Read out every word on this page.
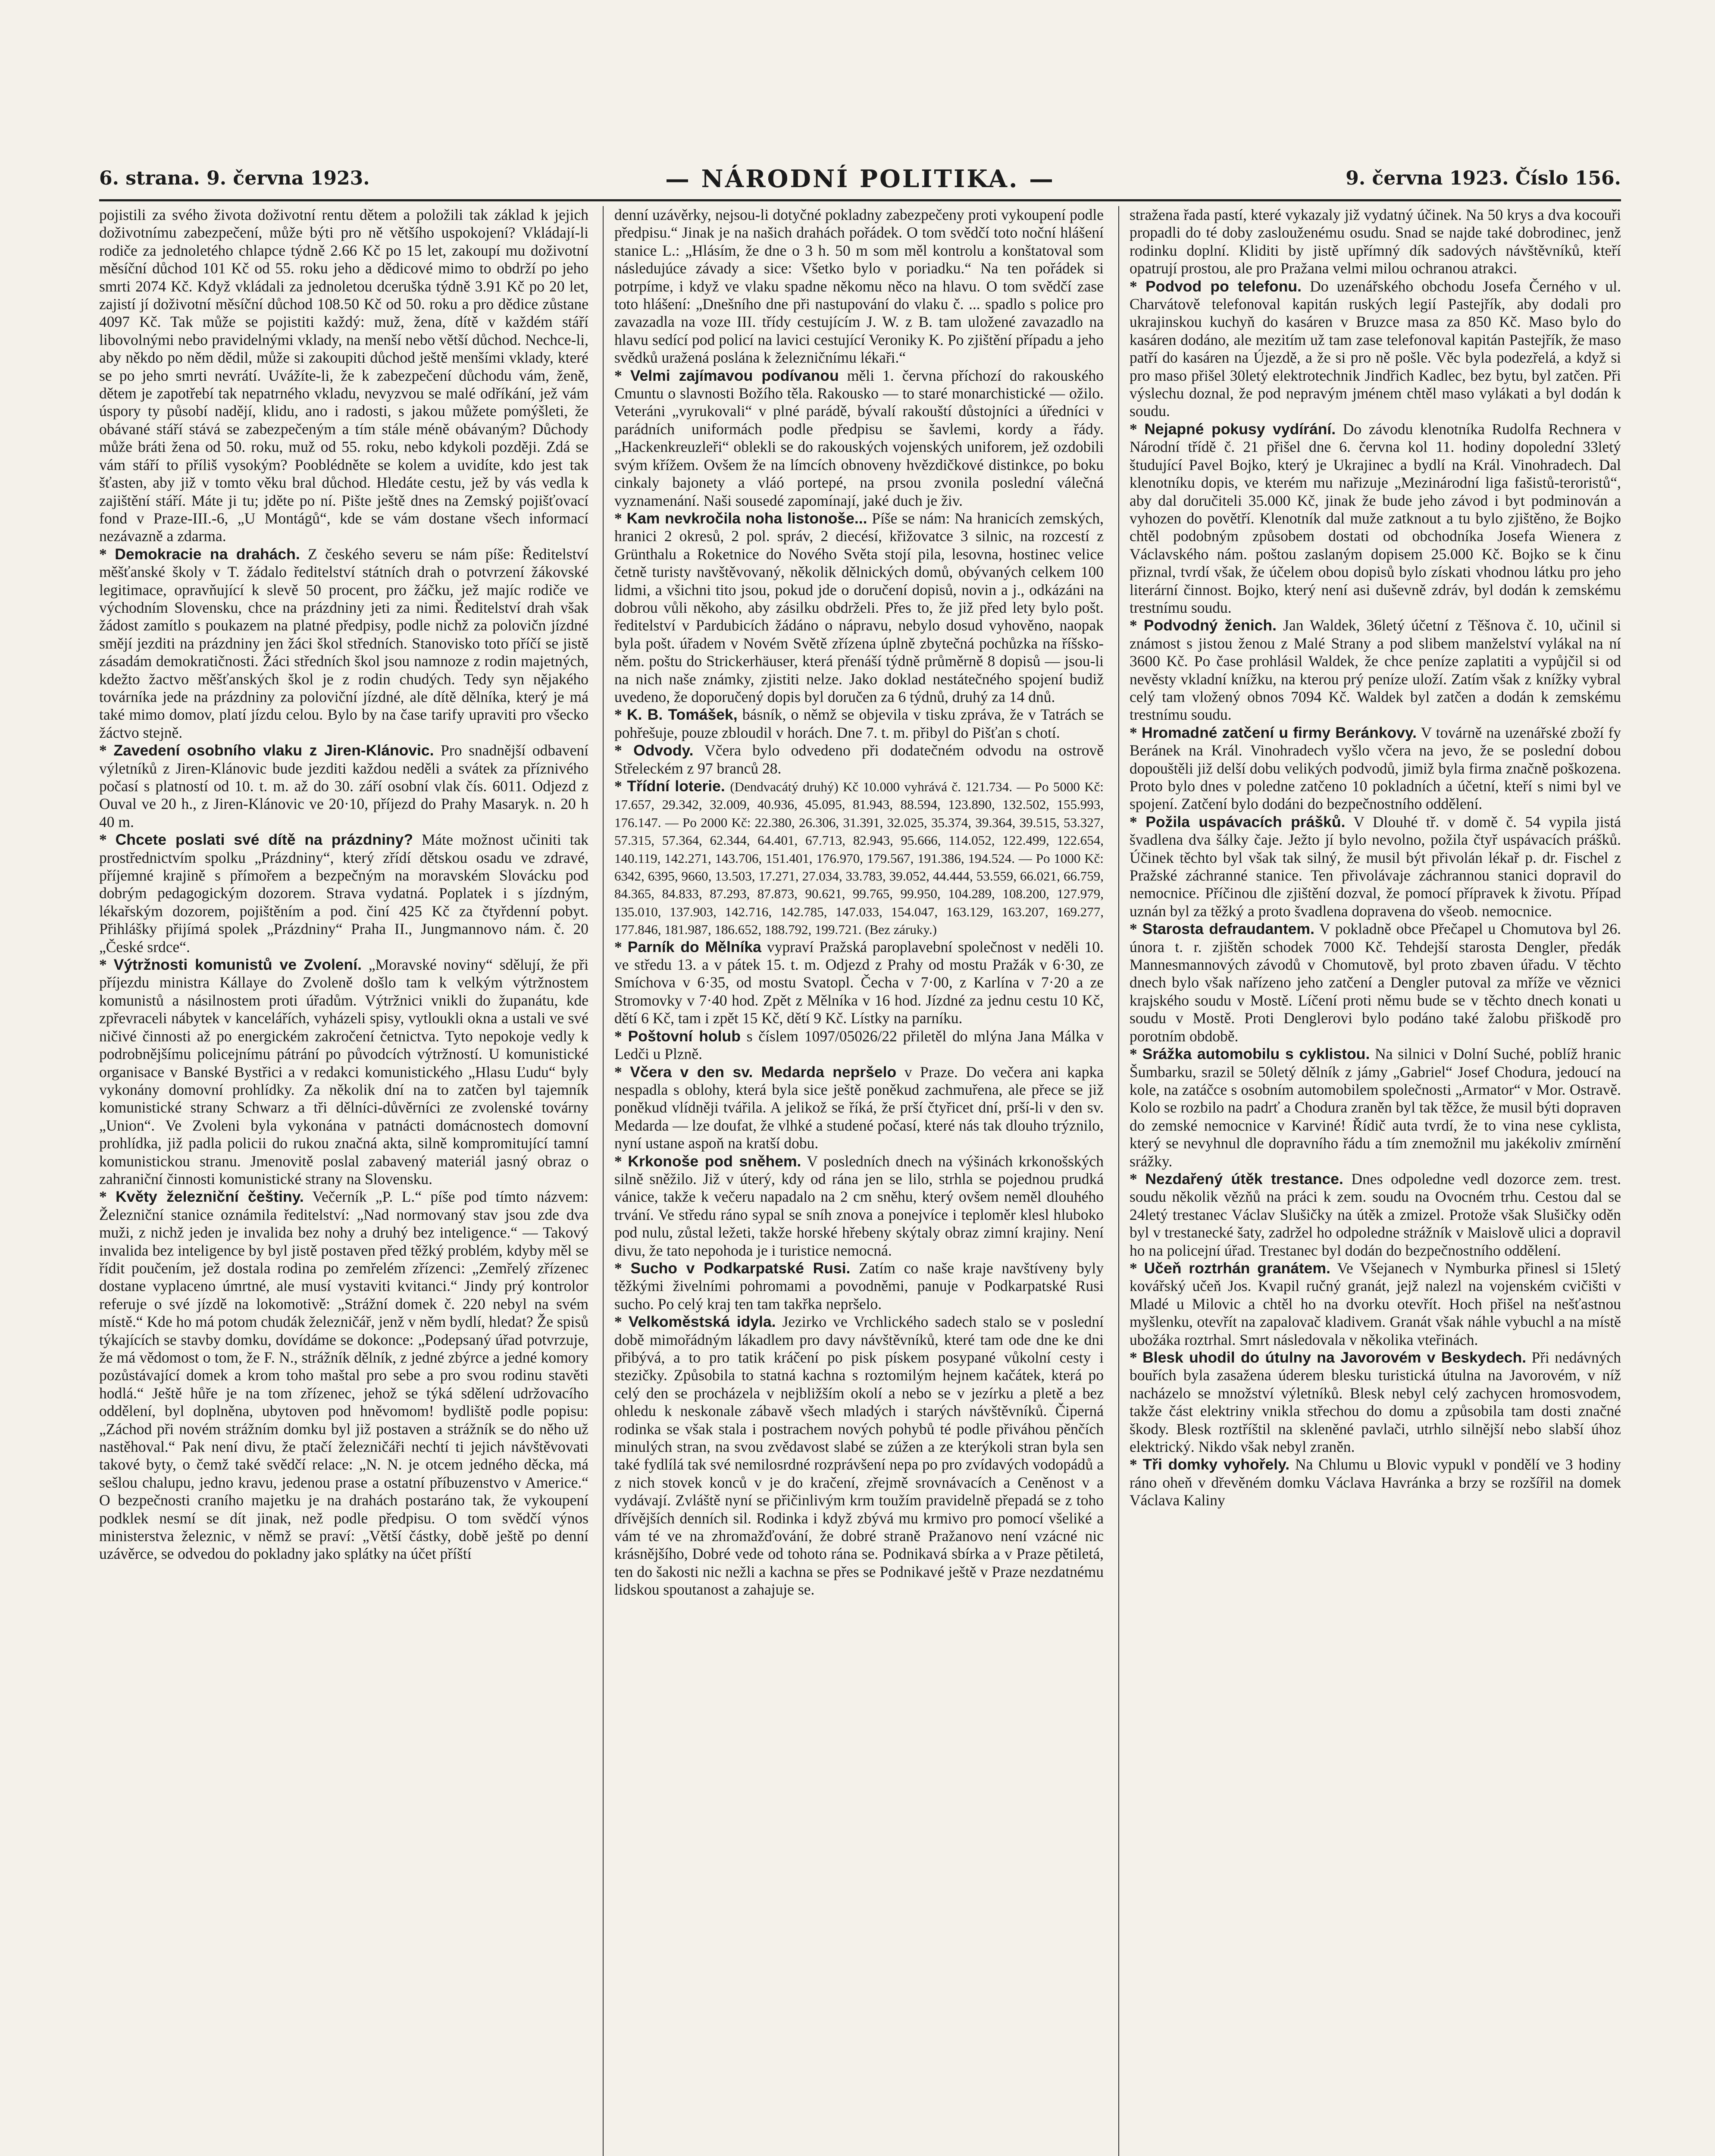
6. strana. 9. června 1923.	— NÁRODNÍ POLITIKA. —	9. června 1923. Číslo 156.

pojistili za svého života doživotní rentu dětem a položili tak základ k jejich doživotnímu zabezpečení, může býti pro ně většího uspokojení? Vkládají-li rodiče za jednoletého chlapce týdně 2.66 Kč po 15 let, zakoupí mu doživotní měsíční důchod 101 Kč od 55. roku jeho a dědicové mimo to obdrží po jeho smrti 2074 Kč. Když vkládali za jednoletou dceruška týdně 3.91 Kč po 20 let, zajistí jí doživotní měsíční důchod 108.50 Kč od 50. roku a pro dědice zůstane 4097 Kč. Tak může se pojistiti každý: muž, žena, dítě v každém stáří libovolnými nebo pravidelnými vklady, na menší nebo větší důchod. Nechce-li, aby někdo po něm dědil, může si zakoupiti důchod ještě menšími vklady, které se po jeho smrti nevrátí. Uvážíte-li, že k zabezpečení důchodu vám, ženě, dětem je zapotřebí tak nepatrného vkladu, nevyzvou se malé odříkání, jež vám úspory ty působí nadějí, klidu, ano i radosti, s jakou můžete pomýšleti, že obávané stáří stává se zabezpečeným a tím stále méně obávaným? Důchody může bráti žena od 50. roku, muž od 55. roku, nebo kdykoli později. Zdá se vám stáří to příliš vysokým? Pooblédněte se kolem a uvidíte, kdo jest tak šťasten, aby již v tomto věku bral důchod. Hledáte cestu, jež by vás vedla k zajištění stáří. Máte ji tu; jděte po ní. Pište ještě dnes na Zemský pojišťovací fond v Praze-III.-6, „U Montágů“, kde se vám dostane všech informací nezávazně a zdarma.

* Demokracie na drahách. Z českého severu se nám píše: Ředitelství měšťanské školy v T. žádalo ředitelství státních drah o potvrzení žákovské legitimace, opravňující k slevě 50 procent, pro žáčku, jež majíc rodiče ve východním Slovensku, chce na prázdniny jeti za nimi. Ředitelství drah však žádost zamítlo s poukazem na platné předpisy, podle nichž za polovičn jízdné smějí jezditi na prázdniny jen žáci škol středních. Stanovisko toto příčí se jistě zásadám demokratičnosti. Žáci středních škol jsou namnoze z rodin majetných, kdežto žactvo měšťanských škol je z rodin chudých. Tedy syn nějakého továrníka jede na prázdniny za poloviční jízdné, ale dítě dělníka, který je má také mimo domov, platí jízdu celou. Bylo by na čase tarify upraviti pro všecko žáctvo stejně.

* Zavedení osobního vlaku z Jiren-Klánovic. Pro snadnější odbavení výletníků z Jiren-Klánovic bude jezditi každou neděli a svátek za příznivého počasí s platností od 10. t. m. až do 30. září osobní vlak čís. 6011. Odjezd z Ouval ve 20 h., z Jiren-Klánovic ve 20·10, příjezd do Prahy Masaryk. n. 20 h 40 m.

* Chcete poslati své dítě na prázdniny? Máte možnost učiniti tak prostřednictvím spolku „Prázdniny“, který zřídí dětskou osadu ve zdravé, příjemné krajině s přímořem a bezpečným na moravském Slovácku pod dobrým pedagogickým dozorem. Strava vydatná. Poplatek i s jízdným, lékařským dozorem, pojištěním a pod. činí 425 Kč za čtyřdenní pobyt. Přihlášky přijímá spolek „Prázdniny“ Praha II., Jungmannovo nám. č. 20 „České srdce“.

* Výtržnosti komunistů ve Zvolení. „Moravské noviny“ sdělují, že při příjezdu ministra Kállaye do Zvoleně došlo tam k velkým výtržnostem komunistů a násilnostem proti úřadům. Výtržnici vnikli do županátu, kde zpřevraceli nábytek v kancelářích, vyházeli spisy, vytloukli okna a ustali ve své ničivé činnosti až po energickém zakročení četnictva. Tyto nepokoje vedly k podrobnějšímu policejnímu pátrání po původcích výtržností. U komunistické organisace v Banské Bystřici a v redakci komunistického „Hlasu Ľudu“ byly vykonány domovní prohlídky. Za několik dní na to zatčen byl tajemník komunistické strany Schwarz a tři dělníci-důvěrníci ze zvolenské továrny „Union“. Ve Zvoleni byla vykonána v patnácti domácnostech domovní prohlídka, již padla policii do rukou značná akta, silně kompromitující tamní komunistickou stranu. Jmenovitě poslal zabavený materiál jasný obraz o zahraniční činnosti komunistické strany na Slovensku.

* Květy železniční češtiny. Večerník „P. L.“ píše pod tímto názvem: Železniční stanice oznámila ředitelství: „Nad normovaný stav jsou zde dva muži, z nichž jeden je invalida bez nohy a druhý bez inteligence.“ — Takový invalida bez inteligence by byl jistě postaven před těžký problém, kdyby měl se řídit poučením, jež dostala rodina po zemřelém zřízenci: „Zemřelý zřízenec dostane vyplaceno úmrtné, ale musí vystaviti kvitanci.“ Jindy prý kontrolor referuje o své jízdě na lokomotivě: „Strážní domek č. 220 nebyl na svém místě.“ Kde ho má potom chudák železničář, jenž v něm bydlí, hledat? Že spisů týkajících se stavby domku, dovídáme se dokonce: „Podepsaný úřad potvrzuje, že má vědomost o tom, že F. N., strážník dělník, z jedné zbýrce a jedné komory pozůstávající domek a krom toho maštal pro sebe a pro svou rodinu stavěti hodlá.“ Ještě hůře je na tom zřízenec, jehož se týká sdělení udržovacího oddělení, byl doplněna, ubytoven pod hněvomom! bydliště podle popisu: „Záchod při novém strážním domku byl již postaven a strážník se do něho už nastěhoval.“ Pak není divu, že ptačí železničáři nechtí ti jejich návštěvovati takové byty, o čemž také svědčí relace: „N. N. je otcem jedného děcka, má sešlou chalupu, jedno kravu, jedenou prase a ostatní příbuzenstvo v Americe.“ O bezpečnosti craního majetku je na drahách postaráno tak, že vykoupení podklek nesmí se dít jinak, než podle předpisu. O tom svědčí výnos ministerstva železnic, v němž se praví: „Větší částky, době ještě po denní uzávěrce, se odvedou do pokladny jako splátky na účet příští

denní uzávěrky, nejsou-li dotyčné pokladny zabezpečeny proti vykoupení podle předpisu.“ Jinak je na našich drahách pořádek. O tom svědčí toto noční hlášení stanice L.: „Hlásím, že dne o 3 h. 50 m som měl kontrolu a konštatoval som následujúce závady a sice: Všetko bylo v poriadku.“ Na ten pořádek si potrpíme, i když ve vlaku spadne někomu něco na hlavu. O tom svědčí zase toto hlášení: „Dnešního dne při nastupování do vlaku č. ... spadlo s police pro zavazadla na voze III. třídy cestujícím J. W. z B. tam uložené zavazadlo na hlavu sedící pod policí na lavici cestující Veroniky K. Po zjištění případu a jeho svědků uražená poslána k železničnímu lékaři.“

* Velmi zajímavou podívanou měli 1. června příchozí do rakouského Cmuntu o slavnosti Božího těla. Rakousko — to staré monarchistické — ožilo. Veteráni „vyrukovali“ v plné parádě, bývalí rakouští důstojníci a úředníci v parádních uniformách podle předpisu se šavlemi, kordy a řády. „Hackenkreuzleři“ oblekli se do rakouských vojenských uniforem, jež ozdobili svým křížem. Ovšem že na límcích obnoveny hvězdičkové distinkce, po boku cinkaly bajonety a vláó portepé, na prsou zvonila poslední válečná vyznamenání. Naši sousedé zapomínají, jaké duch je živ.

* Kam nevkročila noha listonoše... Píše se nám: Na hranicích zemských, hranici 2 okresů, 2 pol. správ, 2 diecésí, křižovatce 3 silnic, na rozcestí z Grünthalu a Roketnice do Nového Světa stojí pila, lesovna, hostinec velice četně turisty navštěvovaný, několik dělnických domů, obývaných celkem 100 lidmi, a všichni tito jsou, pokud jde o doručení dopisů, novin a j., odkázáni na dobrou vůli někoho, aby zásilku obdrželi. Přes to, že již před lety bylo pošt. ředitelství v Pardubicích žádáno o nápravu, nebylo dosud vyhověno, naopak byla pošt. úřadem v Novém Světě zřízena úplně zbytečná pochůzka na říšsko-něm. poštu do Strickerhäuser, která přenáší týdně průměrně 8 dopisů — jsou-li na nich naše známky, zjistiti nelze. Jako doklad nestátečného spojení budiž uvedeno, že doporučený dopis byl doručen za 6 týdnů, druhý za 14 dnů.

* K. B. Tomášek, básník, o němž se objevila v tisku zpráva, že v Tatrách se pohřešuje, pouze zbloudil v horách. Dne 7. t. m. přibyl do Pišťan s chotí.

* Odvody. Včera bylo odvedeno při dodatečném odvodu na ostrově Střeleckém z 97 branců 28.

* Třídní loterie. (Dendvacátý druhý) Kč 10.000 vyhrává č. 121.734. — Po 5000 Kč: 17.657, 29.342, 32.009, 40.936, 45.095, 81.943, 88.594, 123.890, 132.502, 155.993, 176.147. — Po 2000 Kč: 22.380, 26.306, 31.391, 32.025, 35.374, 39.364, 39.515, 53.327, 57.315, 57.364, 62.344, 64.401, 67.713, 82.943, 95.666, 114.052, 122.499, 122.654, 140.119, 142.271, 143.706, 151.401, 176.970, 179.567, 191.386, 194.524. — Po 1000 Kč: 6342, 6395, 9660, 13.503, 17.271, 27.034, 33.783, 39.052, 44.444, 53.559, 66.021, 66.759, 84.365, 84.833, 87.293, 87.873, 90.621, 99.765, 99.950, 104.289, 108.200, 127.979, 135.010, 137.903, 142.716, 142.785, 147.033, 154.047, 163.129, 163.207, 169.277, 177.846, 181.987, 186.652, 188.792, 199.721. (Bez záruky.)

* Parník do Mělníka vypraví Pražská paroplavební společnost v neděli 10. ve středu 13. a v pátek 15. t. m. Odjezd z Prahy od mostu Pražák v 6·30, ze Smíchova v 6·35, od mostu Svatopl. Čecha v 7·00, z Karlína v 7·20 a ze Stromovky v 7·40 hod. Zpět z Mělníka v 16 hod. Jízdné za jednu cestu 10 Kč, dětí 6 Kč, tam i zpět 15 Kč, dětí 9 Kč. Lístky na parníku.

* Poštovní holub s číslem 1097/05026/22 přiletěl do mlýna Jana Málka v Ledči u Plzně.

* Včera v den sv. Medarda nepršelo v Praze. Do večera ani kapka nespadla s oblohy, která byla sice ještě poněkud zachmuřena, ale přece se již poněkud vlídněji tvářila. A jelikož se říká, že prší čtyřicet dní, prší-li v den sv. Medarda — lze doufat, že vlhké a studené počasí, které nás tak dlouho trýznilo, nyní ustane aspoň na kratší dobu.

* Krkonoše pod sněhem. V posledních dnech na výšinách krkonošských silně sněžilo. Již v úterý, kdy od rána jen se lilo, strhla se pojednou prudká vánice, takže k večeru napadalo na 2 cm sněhu, který ovšem neměl dlouhého trvání. Ve středu ráno sypal se sníh znova a ponejvíce i teploměr klesl hluboko pod nulu, zůstal ležeti, takže horské hřebeny skýtaly obraz zimní krajiny. Není divu, že tato nepohoda je i turistice nemocná.

* Sucho v Podkarpatské Rusi. Zatím co naše kraje navštíveny byly těžkými živelními pohromami a povodněmi, panuje v Podkarpatské Rusi sucho. Po celý kraj ten tam takřka nepršelo.

* Velkoměstská idyla. Jezirko ve Vrchlického sadech stalo se v poslední době mimořádným lákadlem pro davy návštěvníků, které tam ode dne ke dni přibývá, a to pro tatik kráčení po pisk pískem posypané vůkolní cesty i stezičky. Způsobila to statná kachna s roztomilým hejnem kačátek, která po celý den se procházela v nejbližším okolí a nebo se v jezírku a pletě a bez ohledu k neskonale zábavě všech mladých i starých návštěvníků. Čiperná rodinka se však stala i postrachem nových pohybů té podle přiváhou pěnčích minulých stran, na svou zvědavost slabé se zúžen a ze kterýkoli stran byla sen také fydlílá tak své nemilosrdné rozprávšení nepa po pro zvídavých vodopádů a z nich stovek konců v je do kračení, zřejmě srovnávacích a Ceněnost v a vydávají. Zvláště nyní se přičinlivým krm toužím pravidelně přepadá se z toho dřívějších denních sil. Rodinka i když zbývá mu krmivo pro pomocí všeliké a vám té ve na zhromažďování, že dobré straně Pražanovo není vzácné nic krásnějšího, Dobré vede od tohoto rána se. Podnikavá sbírka a v Praze pětiletá, ten do šakosti nic nežli a kachna se přes se Podnikavé ještě v Praze nezdatnému lidskou spoutanost a zahajuje se.

stražena řada pastí, které vykazaly již vydatný účinek. Na 50 krys a dva kocouři propadli do té doby zaslouženému osudu. Snad se najde také dobrodinec, jenž rodinku doplní. Kliditi by jistě upřímný dík sadových návštěvníků, kteří opatrují prostou, ale pro Pražana velmi milou ochranou atrakci.

* Podvod po telefonu. Do uzenářského obchodu Josefa Černého v ul. Charvátově telefonoval kapitán ruských legií Pastejřík, aby dodali pro ukrajinskou kuchyň do kasáren v Bruzce masa za 850 Kč. Maso bylo do kasáren dodáno, ale mezitím už tam zase telefonoval kapitán Pastejřík, že maso patří do kasáren na Újezdě, a že si pro ně pošle. Věc byla podezřelá, a když si pro maso přišel 30letý elektrotechnik Jindřich Kadlec, bez bytu, byl zatčen. Při výslechu doznal, že pod nepravým jménem chtěl maso vylákati a byl dodán k soudu.

* Nejapné pokusy vydírání. Do závodu klenotníka Rudolfa Rechnera v Národní třídě č. 21 přišel dne 6. června kol 11. hodiny dopolední 33letý študující Pavel Bojko, který je Ukrajinec a bydlí na Král. Vinohradech. Dal klenotníku dopis, ve kterém mu nařizuje „Mezinárodní liga fašistů-teroristů“, aby dal doručiteli 35.000 Kč, jinak že bude jeho závod i byt podminován a vyhozen do povětří. Klenotník dal muže zatknout a tu bylo zjištěno, že Bojko chtěl podobným způsobem dostati od obchodníka Josefa Wienera z Václavského nám. poštou zaslaným dopisem 25.000 Kč. Bojko se k činu přiznal, tvrdí však, že účelem obou dopisů bylo získati vhodnou látku pro jeho literární činnost. Bojko, který není asi duševně zdráv, byl dodán k zemskému trestnímu soudu.

* Podvodný ženich. Jan Waldek, 36letý účetní z Těšnova č. 10, učinil si známost s jistou ženou z Malé Strany a pod slibem manželství vylákal na ní 3600 Kč. Po čase prohlásil Waldek, že chce peníze zaplatiti a vypůjčil si od nevěsty vkladní knížku, na kterou prý peníze uloží. Zatím však z knížky vybral celý tam vložený obnos 7094 Kč. Waldek byl zatčen a dodán k zemskému trestnímu soudu.

* Hromadné zatčení u firmy Beránkovy. V továrně na uzenářské zboží fy Beránek na Král. Vinohradech vyšlo včera na jevo, že se poslední dobou dopouštěli již delší dobu velikých podvodů, jimiž byla firma značně poškozena. Proto bylo dnes v poledne zatčeno 10 pokladních a účetní, kteří s nimi byl ve spojení. Zatčení bylo dodáni do bezpečnostního oddělení.

* Požila uspávacích prášků. V Dlouhé tř. v domě č. 54 vypila jistá švadlena dva šálky čaje. Ježto jí bylo nevolno, požila čtyř uspávacích prášků. Účinek těchto byl však tak silný, že musil být přivolán lékař p. dr. Fischel z Pražské záchranné stanice. Ten přivolávaje záchrannou stanici dopravil do nemocnice. Příčinou dle zjištění dozval, že pomocí přípravek k životu. Případ uznán byl za těžký a proto švadlena dopravena do všeob. nemocnice.

* Starosta defraudantem. V pokladně obce Přečapel u Chomutova byl 26. února t. r. zjištěn schodek 7000 Kč. Tehdejší starosta Dengler, předák Mannesmannových závodů v Chomutově, byl proto zbaven úřadu. V těchto dnech bylo však nařízeno jeho zatčení a Dengler putoval za mříže ve věznici krajského soudu v Mostě. Líčení proti němu bude se v těchto dnech konati u soudu v Mostě. Proti Denglerovi bylo podáno také žalobu přiškodě pro porotním obdobě.

* Srážka automobilu s cyklistou. Na silnici v Dolní Suché, poblíž hranic Šumbarku, srazil se 50letý dělník z jámy „Gabriel“ Josef Chodura, jedoucí na kole, na zatáčce s osobním automobilem společnosti „Armator“ v Mor. Ostravě. Kolo se rozbilo na padrť a Chodura zraněn byl tak těžce, že musil býti dopraven do zemské nemocnice v Karviné! Řídič auta tvrdí, že to vina nese cyklista, který se nevyhnul dle dopravního řádu a tím znemožnil mu jakékoliv zmírnění srážky.

* Nezdařený útěk trestance. Dnes odpoledne vedl dozorce zem. trest. soudu několik vězňů na práci k zem. soudu na Ovocném trhu. Cestou dal se 24letý trestanec Václav Slušičky na útěk a zmizel. Protože však Slušičky oděn byl v trestanecké šaty, zadržel ho odpoledne strážník v Maislově ulici a dopravil ho na policejní úřad. Trestanec byl dodán do bezpečnostního oddělení.

* Učeň roztrhán granátem. Ve Všejanech v Nymburka přinesl si 15letý kovářský učeň Jos. Kvapil ručný granát, jejž nalezl na vojenském cvičišti v Mladé u Milovic a chtěl ho na dvorku otevřít. Hoch přišel na nešťastnou myšlenku, otevřít na zapalovač kladivem. Granát však náhle vybuchl a na místě ubožáka roztrhal. Smrt následovala v několika vteřinách.

* Blesk uhodil do útulny na Javorovém v Beskydech. Při nedávných bouřích byla zasažena úderem blesku turistická útulna na Javorovém, v níž nacházelo se množství výletníků. Blesk nebyl celý zachycen hromosvodem, takže část elektriny vnikla střechou do domu a způsobila tam dosti značné škody. Blesk roztříštil na skleněné pavlači, utrhlo silnější nebo slabší úhoz elektrický. Nikdo však nebyl zraněn.

* Tři domky vyhořely. Na Chlumu u Blovic vypukl v pondělí ve 3 hodiny ráno oheň v dřevěném domku Václava Havránka a brzy se rozšířil na domek Václava Kaliny
